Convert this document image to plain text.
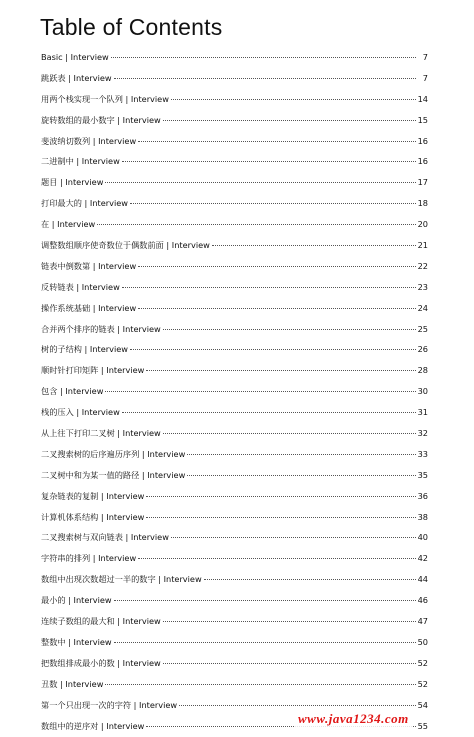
Table of Contents
Basic | Interview	7
跳跃表 | Interview	7
用两个栈实现一个队列 | Interview	14
旋转数组的最小数字 | Interview	15
斐波纳切数列 | Interview	16
二进制中 | Interview	16
题目 | Interview	17
打印最大的 | Interview	18
在 | Interview	20
调整数组顺序使奇数位于偶数前面 | Interview	21
链表中倒数第 | Interview	22
反转链表 | Interview	23
操作系统基础 | Interview	24
合并两个排序的链表 | Interview	25
树的子结构 | Interview	26
顺时针打印矩阵 | Interview	28
包含 | Interview	30
栈的压入 | Interview	31
从上往下打印二叉树 | Interview	32
二叉搜索树的后序遍历序列 | Interview	33
二叉树中和为某一值的路径 | Interview	35
复杂链表的复制 | Interview	36
计算机体系结构 | Interview	38
二叉搜索树与双向链表 | Interview	40
字符串的排列 | Interview	42
数组中出现次数超过一半的数字 | Interview	44
最小的 | Interview	46
连续子数组的最大和 | Interview	47
整数中 | Interview	50
把数组排成最小的数 | Interview	52
丑数 | Interview	52
第一个只出现一次的字符 | Interview	54
数组中的逆序对 | Interview	55
www.java1234.com
